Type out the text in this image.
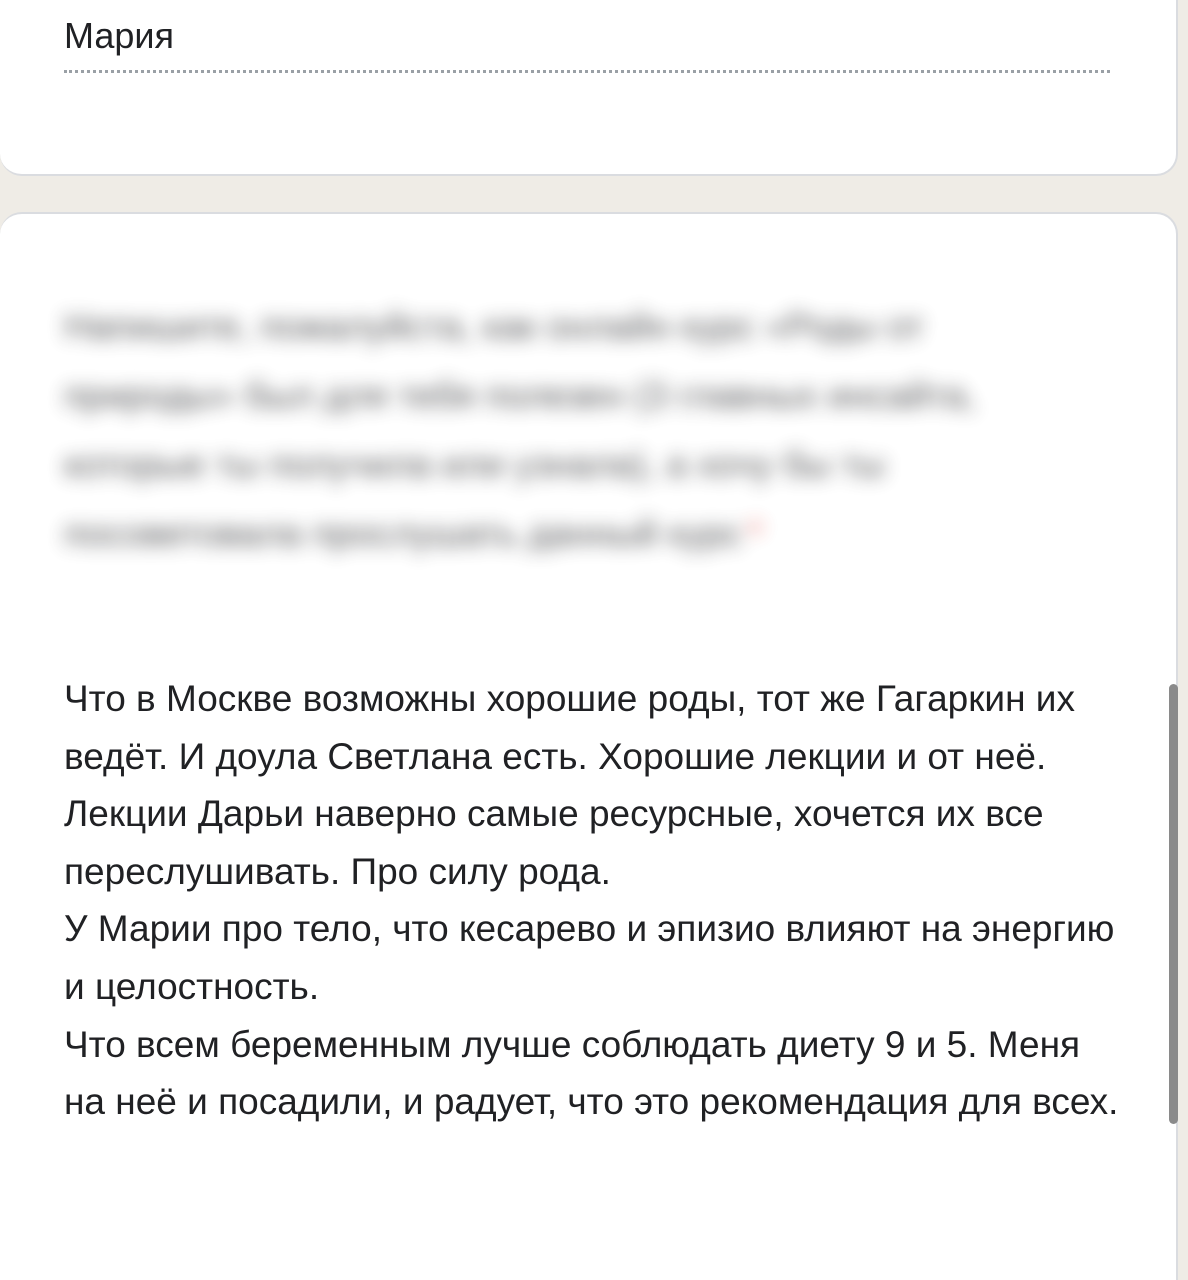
Мария
Напишите, пожалуйста, как онлайн курс «Роды от природы» был для тебя полезен (3 главных инсайта, которые ты получила или узнала), а хочу бы ты посоветовала прослушать данный курс *
Что в Москве возможны хорошие роды, тот же Гагаркин их ведёт. И доула Светлана есть. Хорошие лекции и от неё.
Лекции Дарьи наверно самые ресурсные, хочется их все переслушивать. Про силу рода.
У Марии про тело, что кесарево и эпизио влияют на энергию и целостность.
Что всем беременным лучше соблюдать диету 9 и 5. Меня на неё и посадили, и радует, что это рекомендация для всех.
